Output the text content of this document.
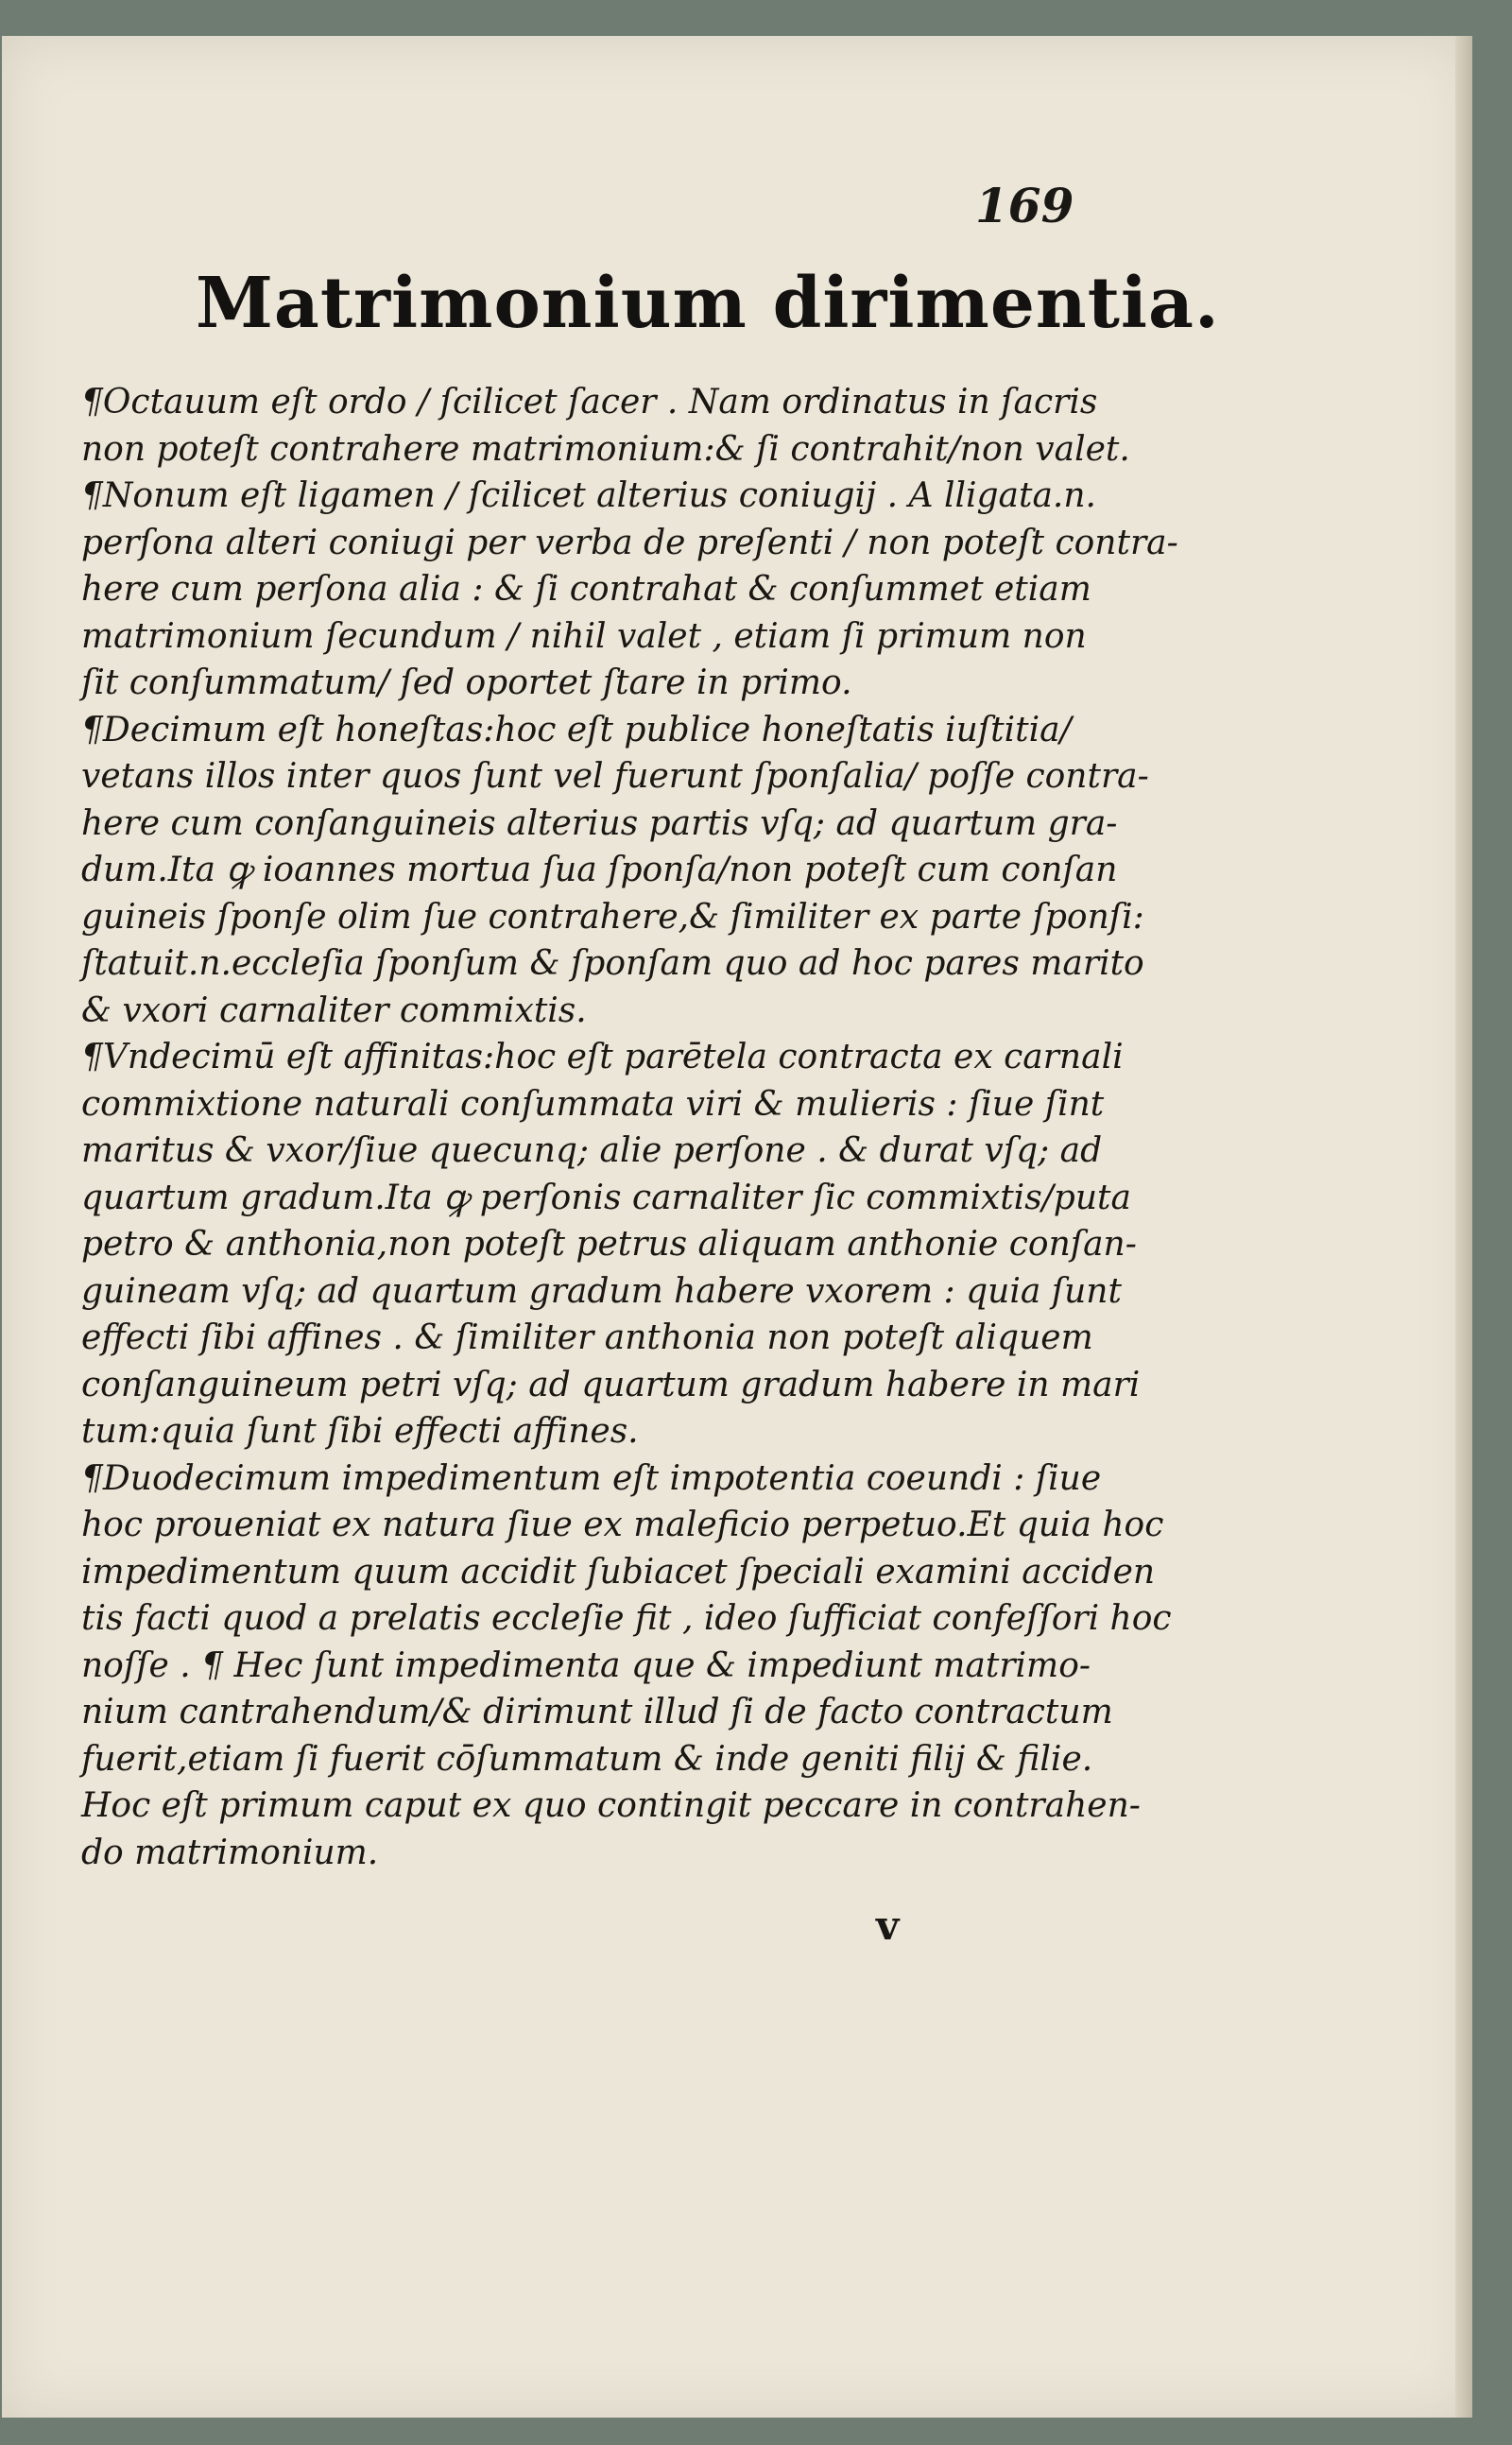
169
Matrimonium dirimentia.
¶Octauum eſt ordo / ſcilicet ſacer . Nam ordinatus in ſacris
non poteſt contrahere matrimonium:& ſi contrahit/non valet.
¶Nonum eſt ligamen / ſcilicet alterius coniugij . A lligata.n.
perſona alteri coniugi per verba de preſenti / non poteſt contra-
here cum perſona alia : & ſi contrahat & conſummet etiam
matrimonium ſecundum / nihil valet , etiam ſi primum non
ſit conſummatum/ ſed oportet ſtare in primo.
¶Decimum eſt honeſtas:hoc eſt publice honeſtatis iuſtitia/
vetans illos inter quos ſunt vel fuerunt ſponſalia/ poſſe contra-
here cum conſanguineis alterius partis vſq; ad quartum gra-
dum.Ita ꝙ ioannes mortua ſua ſponſa/non poteſt cum conſan
guineis ſponſe olim ſue contrahere,& ſimiliter ex parte ſponſi:
ſtatuit.n.eccleſia ſponſum & ſponſam quo ad hoc pares marito
& vxori carnaliter commixtis.
¶Vndecimū eſt affinitas:hoc eſt parētela contracta ex carnali
commixtione naturali conſummata viri & mulieris : ſiue ſint
maritus & vxor/ſiue quecunq; alie perſone . & durat vſq; ad
quartum gradum.Ita ꝙ perſonis carnaliter ſic commixtis/puta
petro & anthonia,non poteſt petrus aliquam anthonie conſan-
guineam vſq; ad quartum gradum habere vxorem : quia ſunt
effecti ſibi affines . & ſimiliter anthonia non poteſt aliquem
conſanguineum petri vſq; ad quartum gradum habere in mari
tum:quia ſunt ſibi effecti affines.
¶Duodecimum impedimentum eſt impotentia coeundi : ſiue
hoc proueniat ex natura ſiue ex maleficio perpetuo.Et quia hoc
impedimentum quum accidit ſubiacet ſpeciali examini acciden
tis facti quod a prelatis eccleſie fit , ideo ſufficiat confeſſori hoc
noſſe . ¶ Hec ſunt impedimenta que & impediunt matrimo-
nium cantrahendum/& dirimunt illud ſi de facto contractum
fuerit,etiam ſi fuerit cōſummatum & inde geniti filij & filie.
Hoc eſt primum caput ex quo contingit peccare in contrahen-
do matrimonium.
v
